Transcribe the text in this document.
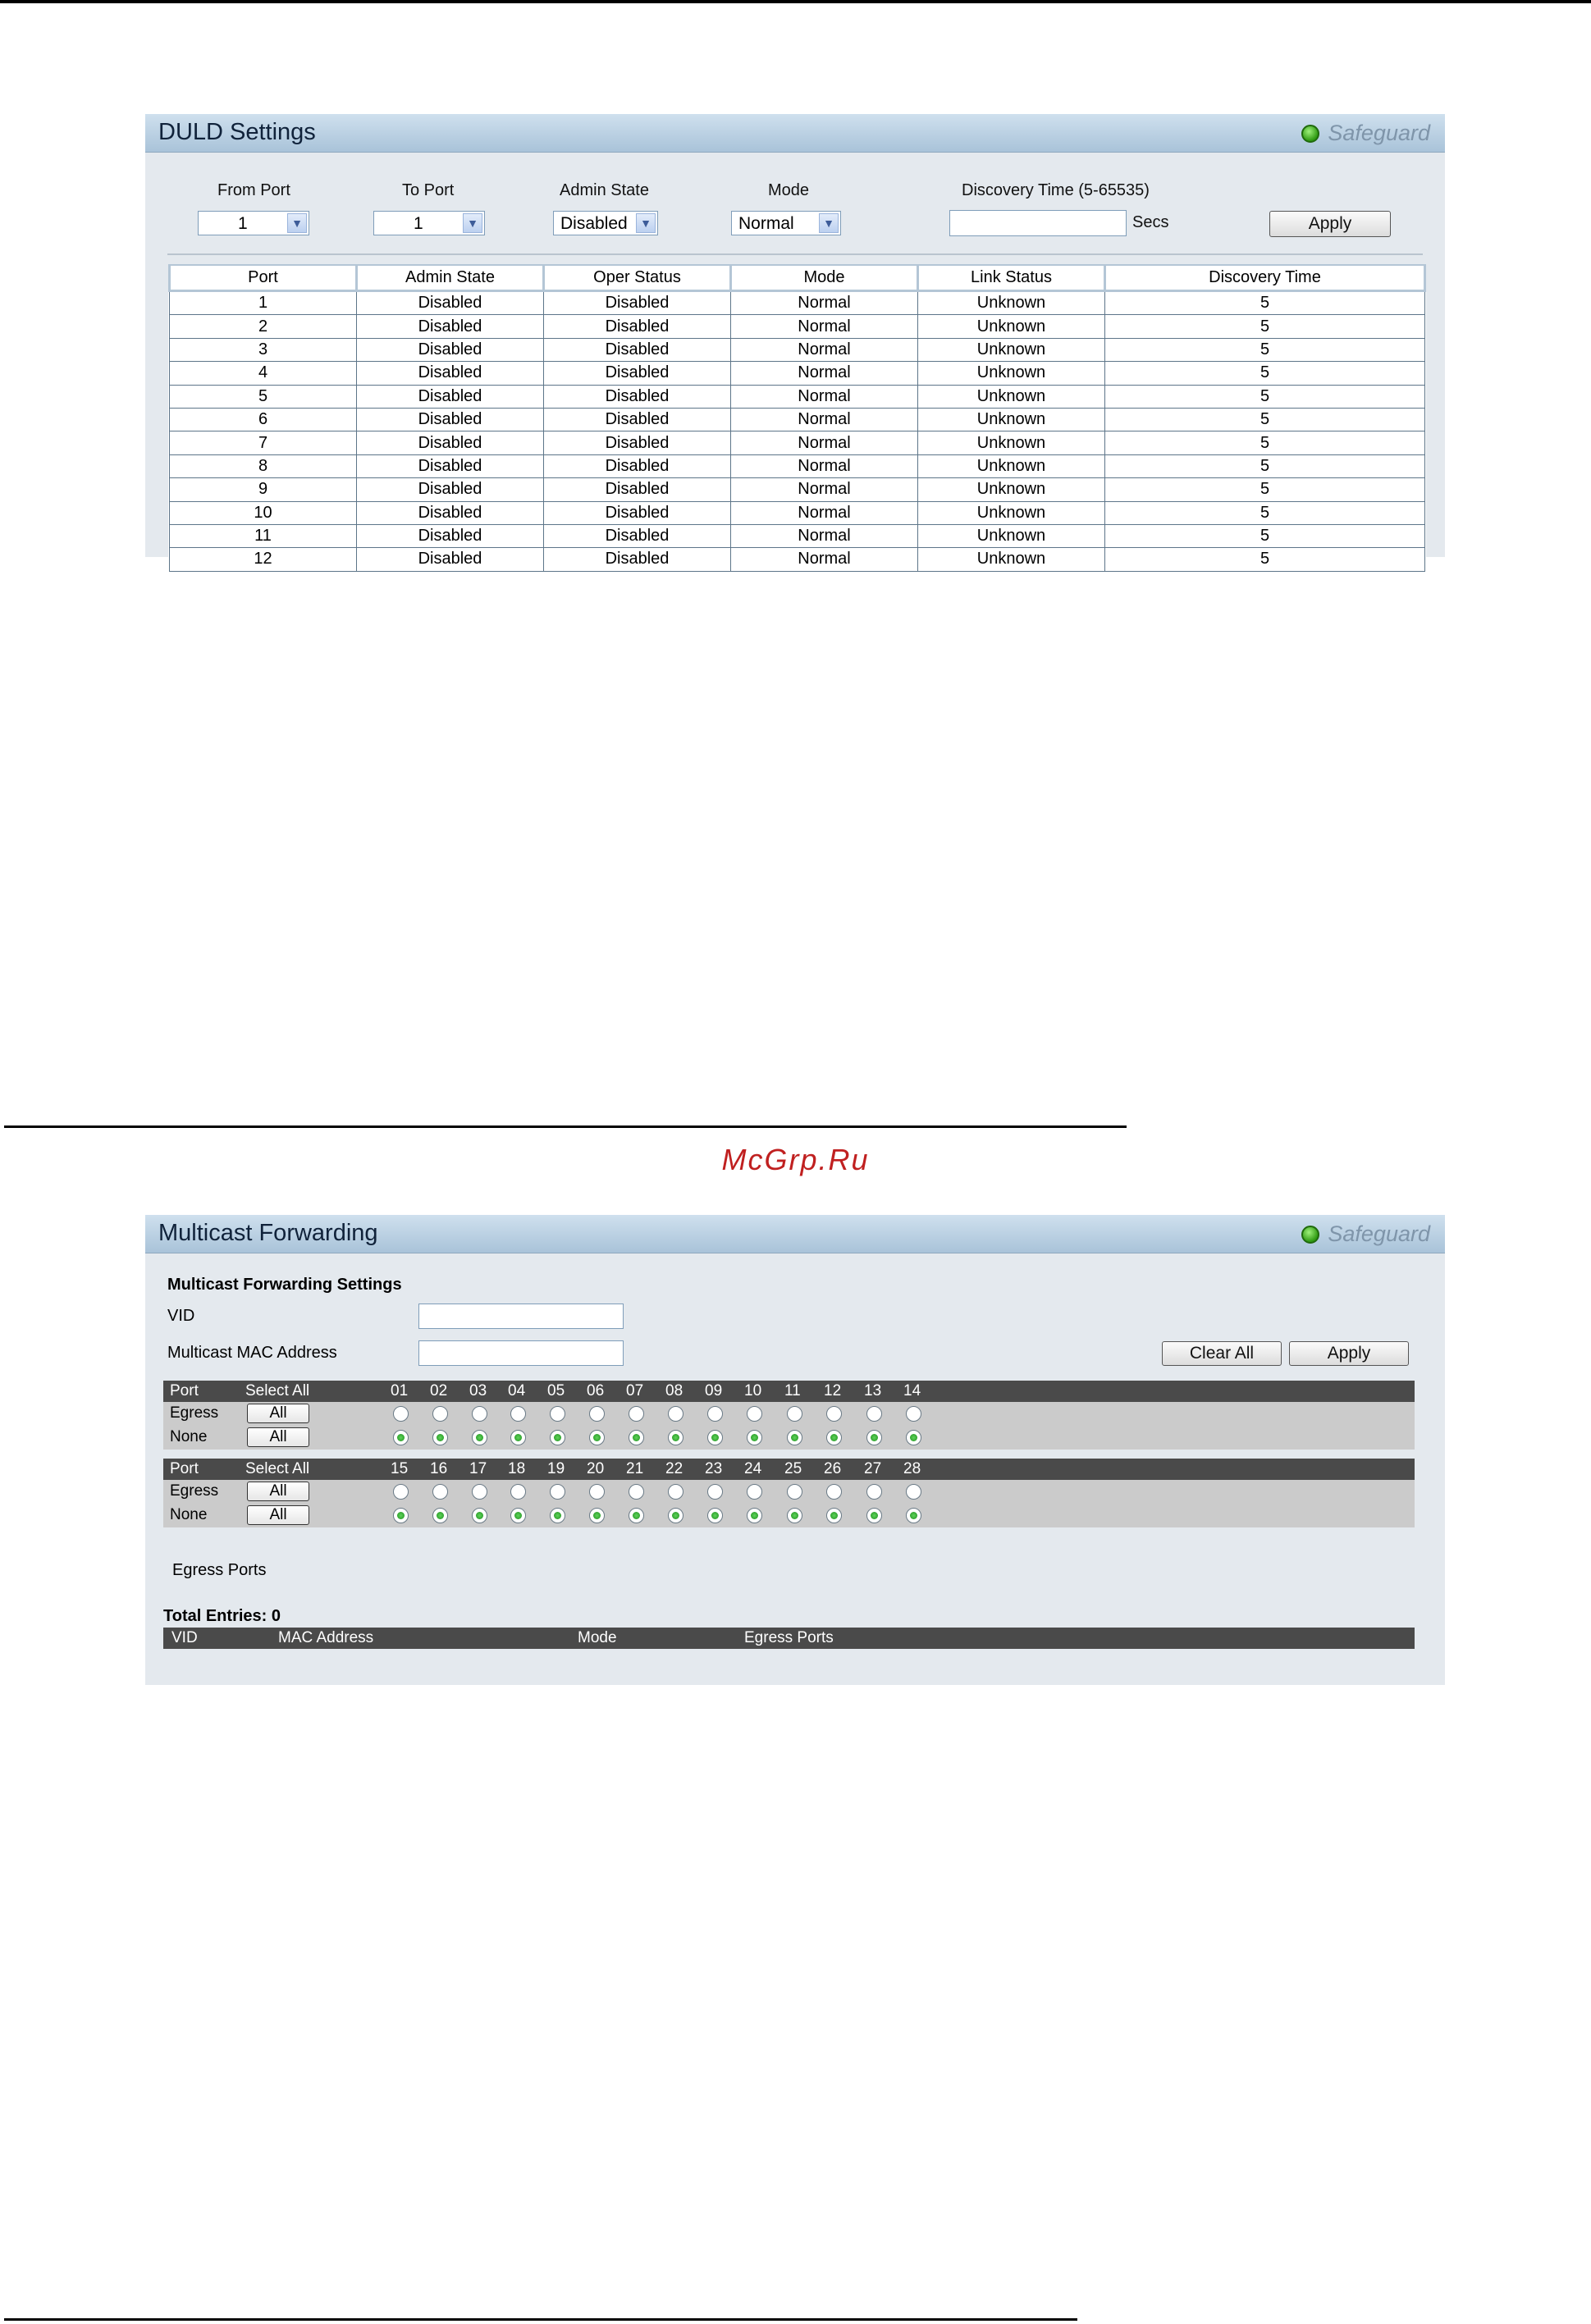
DULD Settings	Safeguard
From Port	To Port	Admin State	Mode	Discovery Time (5-65535)
1	▼	1	▼	Disabled	▼	Normal	▼	Secs	Apply
Port	Admin State	Oper Status	Mode	Link Status	Discovery Time
1	Disabled	Disabled	Normal	Unknown	5
2	Disabled	Disabled	Normal	Unknown	5
3	Disabled	Disabled	Normal	Unknown	5
4	Disabled	Disabled	Normal	Unknown	5
5	Disabled	Disabled	Normal	Unknown	5
6	Disabled	Disabled	Normal	Unknown	5
7	Disabled	Disabled	Normal	Unknown	5
8	Disabled	Disabled	Normal	Unknown	5
9	Disabled	Disabled	Normal	Unknown	5
10	Disabled	Disabled	Normal	Unknown	5
11	Disabled	Disabled	Normal	Unknown	5
12	Disabled	Disabled	Normal	Unknown	5
McGrp.Ru
Multicast Forwarding	Safeguard
Multicast Forwarding Settings
VID
Multicast MAC Address	Clear All	Apply
Port	Select All	01 02 03 04 05 06 07 08 09 10 11 12 13 14
Egress	All
None	All
Port	Select All	15 16 17 18 19 20 21 22 23 24 25 26 27 28
Egress	All
None	All
Egress Ports
Total Entries: 0
VID	MAC Address	Mode	Egress Ports
